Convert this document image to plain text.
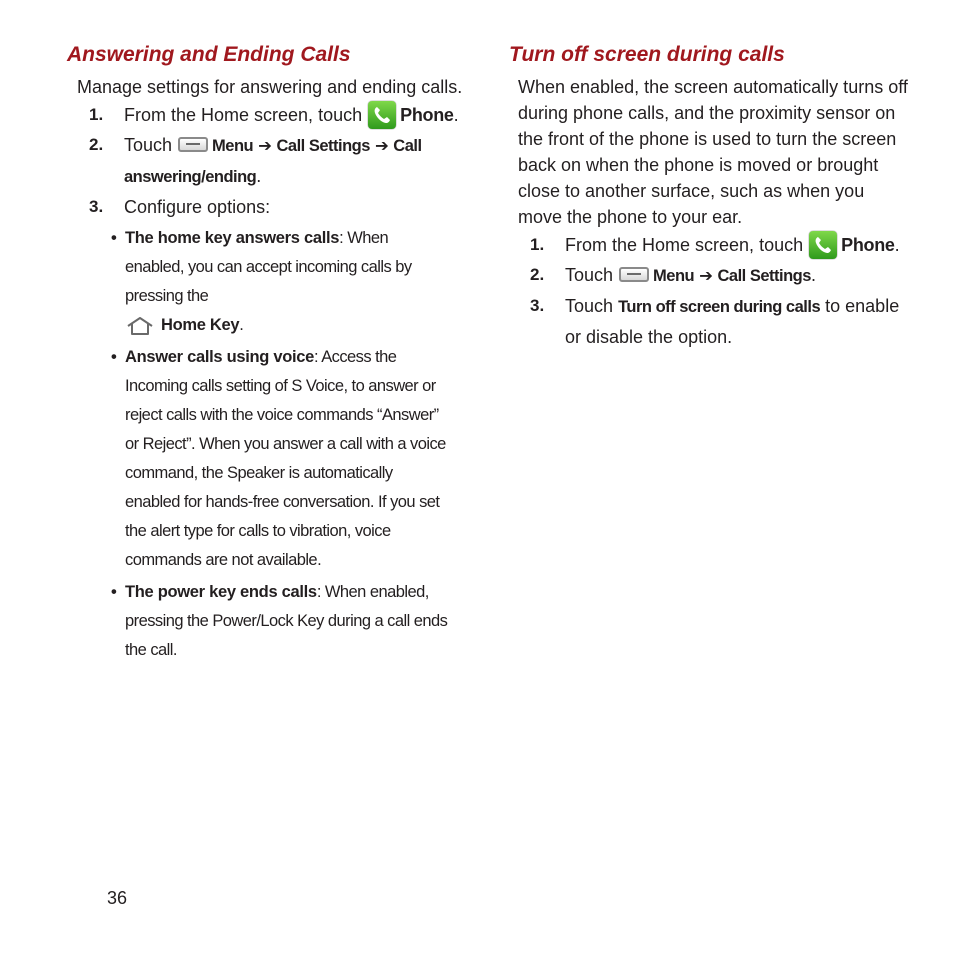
Answering and Ending Calls

Manage settings for answering and ending calls.

1. From the Home screen, touch Phone.
2. Touch Menu ➔ Call Settings ➔ Call answering/ending.
3. Configure options:
• The home key answers calls: When enabled, you can accept incoming calls by pressing the
Home Key.
• Answer calls using voice: Access the Incoming calls setting of S Voice, to answer or reject calls with the voice commands “Answer” or Reject”. When you answer a call with a voice command, the Speaker is automatically enabled for hands-free conversation. If you set the alert type for calls to vibration, voice commands are not available.
• The power key ends calls: When enabled, pressing the Power/Lock Key during a call ends the call.
Turn off screen during calls

When enabled, the screen automatically turns off during phone calls, and the proximity sensor on the front of the phone is used to turn the screen back on when the phone is moved or brought close to another surface, such as when you move the phone to your ear.

1. From the Home screen, touch Phone.
2. Touch Menu ➔ Call Settings.
3. Touch Turn off screen during calls to enable or disable the option.
36
